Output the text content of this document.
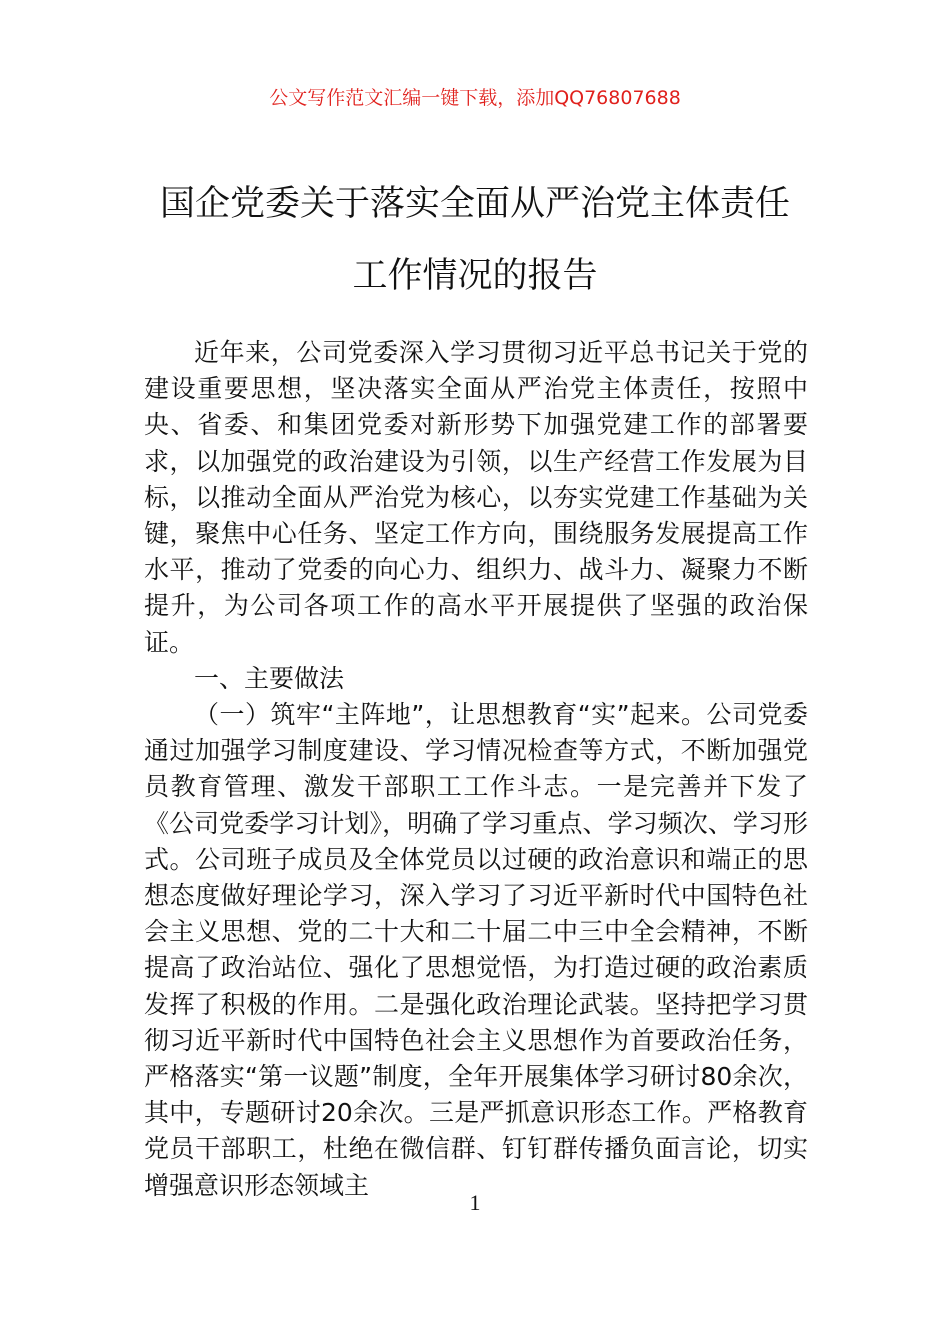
公文写作范文汇编一键下载，添加QQ76807688
国企党委关于落实全面从严治党主体责任
工作情况的报告

近年来，公司党委深入学习贯彻习近平总书记关于党的建设重要思想，坚决落实全面从严治党主体责任，按照中央、省委、和集团党委对新形势下加强党建工作的部署要求，以加强党的政治建设为引领，以生产经营工作发展为目标，以推动全面从严治党为核心，以夯实党建工作基础为关键，聚焦中心任务、坚定工作方向，围绕服务发展提高工作水平，推动了党委的向心力、组织力、战斗力、凝聚力不断提升，为公司各项工作的高水平开展提供了坚强的政治保证。

一、主要做法

（一）筑牢“主阵地”，让思想教育“实”起来。公司党委通过加强学习制度建设、学习情况检查等方式，不断加强党员教育管理、激发干部职工工作斗志。一是完善并下发了《公司党委学习计划》，明确了学习重点、学习频次、学习形式。公司班子成员及全体党员以过硬的政治意识和端正的思想态度做好理论学习，深入学习了习近平新时代中国特色社会主义思想、党的二十大和二十届二中三中全会精神，不断提高了政治站位、强化了思想觉悟，为打造过硬的政治素质发挥了积极的作用。二是强化政治理论武装。坚持把学习贯彻习近平新时代中国特色社会主义思想作为首要政治任务，严格落实“第一议题”制度，全年开展集体学习研讨80余次，其中，专题研讨20余次。三是严抓意识形态工作。严格教育党员干部职工，杜绝在微信群、钉钉群传播负面言论，切实增强意识形态领域主

1
